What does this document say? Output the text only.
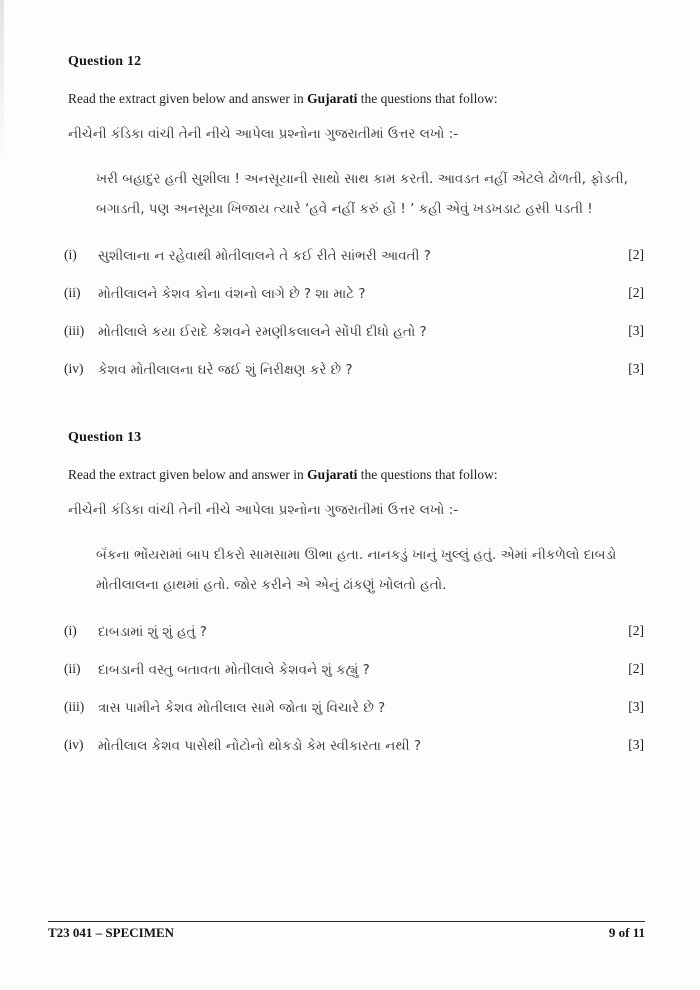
Question 12

Read the extract given below and answer in Gujarati the questions that follow:

નીચેની કંડિકા વાંચી તેની નીચે આપેલા પ્રશ્નોના ગુજરાતીમાં ઉત્તર લખો :-

ખરી બહાદુર હતી સુશીલા ! અનસૂયાની સાથો સાથ કામ કરતી. આવડત નહીં એટલે ઢોળતી, ફોડતી, બગાડતી, પણ અનસૂયા ખિજાય ત્યારે ‘હવે નહીં કરું હોં ! ’ કહી એવું ખડખડાટ હસી પડતી !

(i)	સુશીલાના ન રહેવાથી મોતીલાલને તે કઈ રીતે સાંભરી આવતી ?	[2]
(ii)	મોતીલાલને કેશવ કોના વંશનો લાગે છે ? શા માટે ?	[2]
(iii)	મોતીલાલે કયા ઈરાદે કેશવને રમણીકલાલને સોંપી દીધો હતો ?	[3]
(iv)	કેશવ મોતીલાલના ઘરે જઈ શું નિરીક્ષણ કરે છે ?	[3]
Question 13

Read the extract given below and answer in Gujarati the questions that follow:

નીચેની કંડિકા વાંચી તેની નીચે આપેલા પ્રશ્નોના ગુજરાતીમાં ઉત્તર લખો :-

બૅંકના ભોંયરામાં બાપ દીકરો સામસામા ઊભા હતા. નાનકડું ખાનું ખુલ્લું હતું. એમાં નીકળેલો દાબડો મોતીલાલના હાથમાં હતો. જોર કરીને એ એનું ઢાંકણું ખોલતો હતો.

(i)	દાબડામાં શું શું હતું ?	[2]
(ii)	દાબડાની વસ્તુ બતાવતા મોતીલાલે કેશવને શું કહ્યું ?	[2]
(iii)	ત્રાસ પામીને કેશવ મોતીલાલ સામે જોતા શું વિચારે છે ?	[3]
(iv)	મોતીલાલ કેશવ પાસેથી નોટોનો થોકડો કેમ સ્વીકારતા નથી ?	[3]
T23 041 – SPECIMEN	9 of 11
